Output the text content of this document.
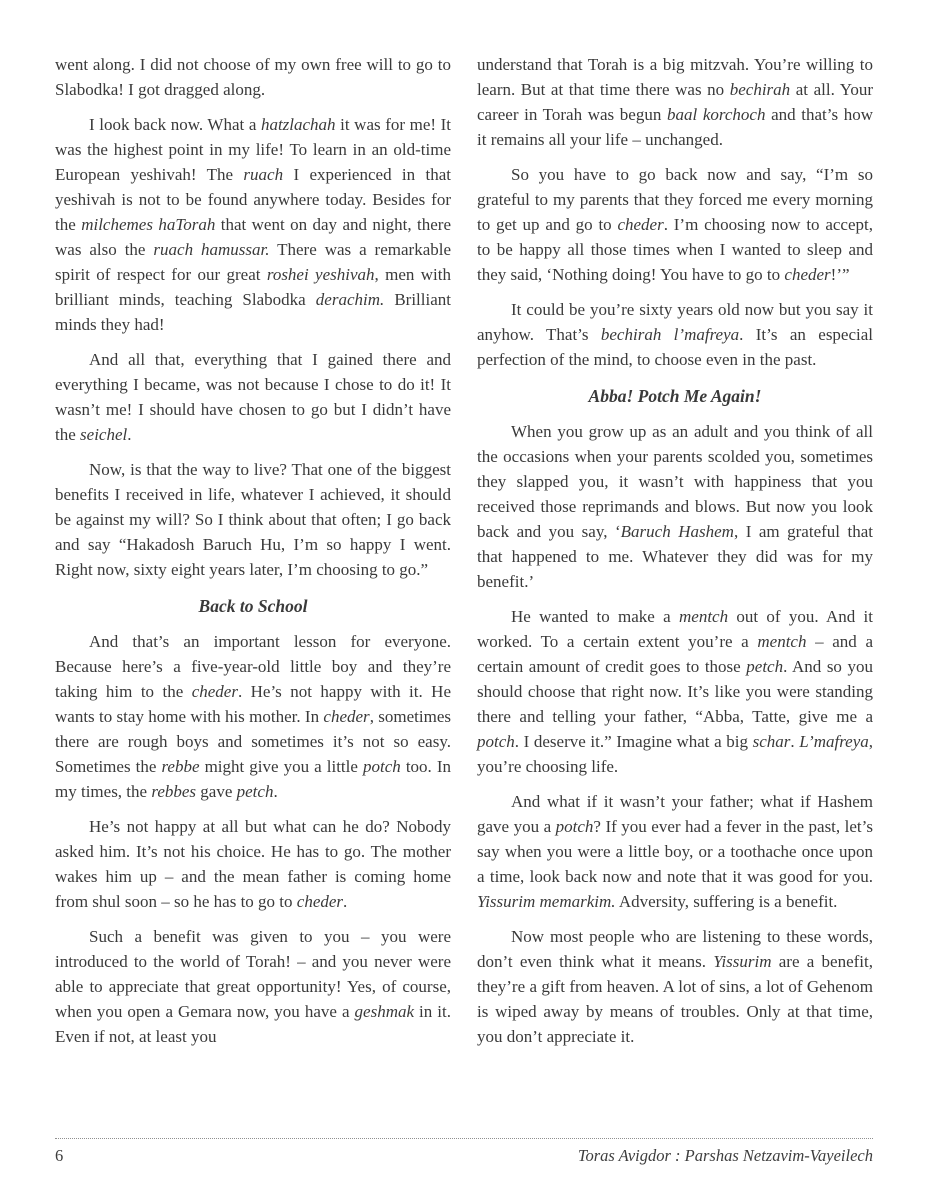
went along. I did not choose of my own free will to go to Slabodka! I got dragged along.

I look back now. What a hatzlachah it was for me! It was the highest point in my life! To learn in an old-time European yeshivah! The ruach I experienced in that yeshivah is not to be found anywhere today. Besides for the milchemes haTorah that went on day and night, there was also the ruach hamussar. There was a remarkable spirit of respect for our great roshei yeshivah, men with brilliant minds, teaching Slabodka derachim. Brilliant minds they had!

And all that, everything that I gained there and everything I became, was not because I chose to do it! It wasn’t me! I should have chosen to go but I didn’t have the seichel.

Now, is that the way to live? That one of the biggest benefits I received in life, whatever I achieved, it should be against my will? So I think about that often; I go back and say “Hakadosh Baruch Hu, I’m so happy I went. Right now, sixty eight years later, I’m choosing to go.”

Back to School

And that’s an important lesson for everyone. Because here’s a five-year-old little boy and they’re taking him to the cheder. He’s not happy with it. He wants to stay home with his mother. In cheder, sometimes there are rough boys and sometimes it’s not so easy. Sometimes the rebbe might give you a little potch too. In my times, the rebbes gave petch.

He’s not happy at all but what can he do? Nobody asked him. It’s not his choice. He has to go. The mother wakes him up – and the mean father is coming home from shul soon – so he has to go to cheder.

Such a benefit was given to you – you were introduced to the world of Torah! – and you never were able to appreciate that great opportunity! Yes, of course, when you open a Gemara now, you have a geshmak in it. Even if not, at least you

understand that Torah is a big mitzvah. You’re willing to learn. But at that time there was no bechirah at all. Your career in Torah was begun baal korchoch and that’s how it remains all your life – unchanged.

So you have to go back now and say, “I’m so grateful to my parents that they forced me every morning to get up and go to cheder. I’m choosing now to accept, to be happy all those times when I wanted to sleep and they said, ‘Nothing doing! You have to go to cheder!’”

It could be you’re sixty years old now but you say it anyhow. That’s bechirah l’mafreya. It’s an especial perfection of the mind, to choose even in the past.

Abba! Potch Me Again!

When you grow up as an adult and you think of all the occasions when your parents scolded you, sometimes they slapped you, it wasn’t with happiness that you received those reprimands and blows. But now you look back and you say, ‘Baruch Hashem, I am grateful that that happened to me. Whatever they did was for my benefit.’

He wanted to make a mentch out of you. And it worked. To a certain extent you’re a mentch – and a certain amount of credit goes to those petch. And so you should choose that right now. It’s like you were standing there and telling your father, “Abba, Tatte, give me a potch. I deserve it.” Imagine what a big schar. L’mafreya, you’re choosing life.

And what if it wasn’t your father; what if Hashem gave you a potch? If you ever had a fever in the past, let’s say when you were a little boy, or a toothache once upon a time, look back now and note that it was good for you. Yissurim memarkim. Adversity, suffering is a benefit.

Now most people who are listening to these words, don’t even think what it means. Yissurim are a benefit, they’re a gift from heaven. A lot of sins, a lot of Gehenom is wiped away by means of troubles. Only at that time, you don’t appreciate it.

6	Toras Avigdor : Parshas Netzavim-Vayeilech
